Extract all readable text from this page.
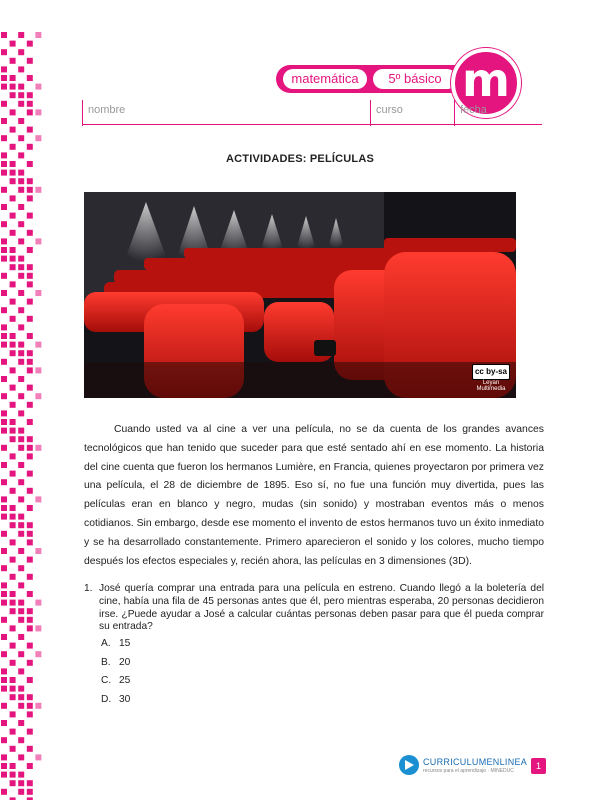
matemática	5º básico m
nombre	curso	fecha
ACTIVIDADES: PELÍCULAS
cc by-sa
Leyan Multimedia

Cuando usted va al cine a ver una película, no se da cuenta de los grandes avances tecnológicos que han tenido que suceder para que esté sentado ahí en ese momento. La historia del cine cuenta que fueron los hermanos Lumière, en Francia, quienes proyectaron por primera vez una película, el 28 de diciembre de 1895. Eso sí, no fue una función muy divertida, pues las películas eran en blanco y negro, mudas (sin sonido) y mostraban eventos más o menos cotidianos. Sin embargo, desde ese momento el invento de estos hermanos tuvo un éxito inmediato y se ha desarrollado constantemente. Primero aparecieron el sonido y los colores, mucho tiempo después los efectos especiales y, recién ahora, las películas en 3 dimensiones (3D).

1. José quería comprar una entrada para una película en estreno. Cuando llegó a la boletería del cine, había una fila de 45 personas antes que él, pero mientras esperaba, 20 personas decidieron irse. ¿Puede ayudar a José a calcular cuántas personas deben pasar para que él pueda comprar su entrada?
A. 15
B. 20
C. 25
D. 30
CURRICULUMENLINEA
recursos para el aprendizaje · MINEDUC	1
